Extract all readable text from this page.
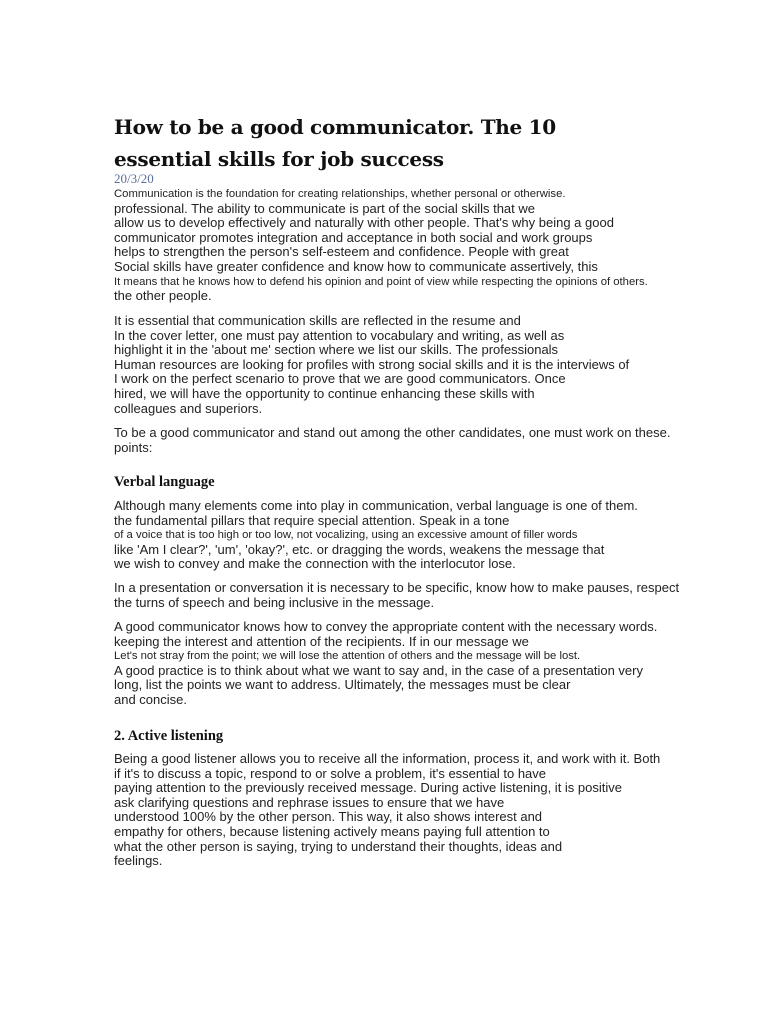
How to be a good communicator. The 10
essential skills for job success
20/3/20
Communication is the foundation for creating relationships, whether personal or otherwise.
professional. The ability to communicate is part of the social skills that we
allow us to develop effectively and naturally with other people. That's why being a good
communicator promotes integration and acceptance in both social and work groups
helps to strengthen the person's self-esteem and confidence. People with great
Social skills have greater confidence and know how to communicate assertively, this
It means that he knows how to defend his opinion and point of view while respecting the opinions of others.
the other people.
It is essential that communication skills are reflected in the resume and
In the cover letter, one must pay attention to vocabulary and writing, as well as
highlight it in the 'about me' section where we list our skills. The professionals
Human resources are looking for profiles with strong social skills and it is the interviews of
I work on the perfect scenario to prove that we are good communicators. Once
hired, we will have the opportunity to continue enhancing these skills with
colleagues and superiors.
To be a good communicator and stand out among the other candidates, one must work on these.
points:
Verbal language
Although many elements come into play in communication, verbal language is one of them.
the fundamental pillars that require special attention. Speak in a tone
of a voice that is too high or too low, not vocalizing, using an excessive amount of filler words
like 'Am I clear?', 'um', 'okay?', etc. or dragging the words, weakens the message that
we wish to convey and make the connection with the interlocutor lose.
In a presentation or conversation it is necessary to be specific, know how to make pauses, respect
the turns of speech and being inclusive in the message.
A good communicator knows how to convey the appropriate content with the necessary words.
keeping the interest and attention of the recipients. If in our message we
Let's not stray from the point; we will lose the attention of others and the message will be lost.
A good practice is to think about what we want to say and, in the case of a presentation very
long, list the points we want to address. Ultimately, the messages must be clear
and concise.
2. Active listening
Being a good listener allows you to receive all the information, process it, and work with it. Both
if it's to discuss a topic, respond to or solve a problem, it's essential to have
paying attention to the previously received message. During active listening, it is positive
ask clarifying questions and rephrase issues to ensure that we have
understood 100% by the other person. This way, it also shows interest and
empathy for others, because listening actively means paying full attention to
what the other person is saying, trying to understand their thoughts, ideas and
feelings.
